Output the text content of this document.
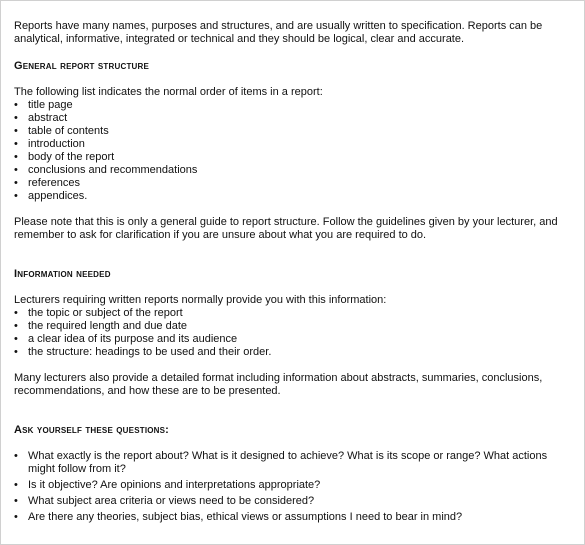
Reports have many names, purposes and structures, and are usually written to specification. Reports can be analytical, informative, integrated or technical and they should be logical, clear and accurate.

General report structure

The following list indicates the normal order of items in a report:

• title page
• abstract
• table of contents
• introduction
• body of the report
• conclusions and recommendations
• references
• appendices.

Please note that this is only a general guide to report structure. Follow the guidelines given by your lecturer, and remember to ask for clarification if you are unsure about what you are required to do.

Information needed

Lecturers requiring written reports normally provide you with this information:

• the topic or subject of the report
• the required length and due date
• a clear idea of its purpose and its audience
• the structure: headings to be used and their order.

Many lecturers also provide a detailed format including information about abstracts, summaries, conclusions, recommendations, and how these are to be presented.

Ask yourself these questions:

• What exactly is the report about? What is it designed to achieve? What is its scope or range? What actions might follow from it?
• Is it objective? Are opinions and interpretations appropriate?
• What subject area criteria or views need to be considered?
• Are there any theories, subject bias, ethical views or assumptions I need to bear in mind?
